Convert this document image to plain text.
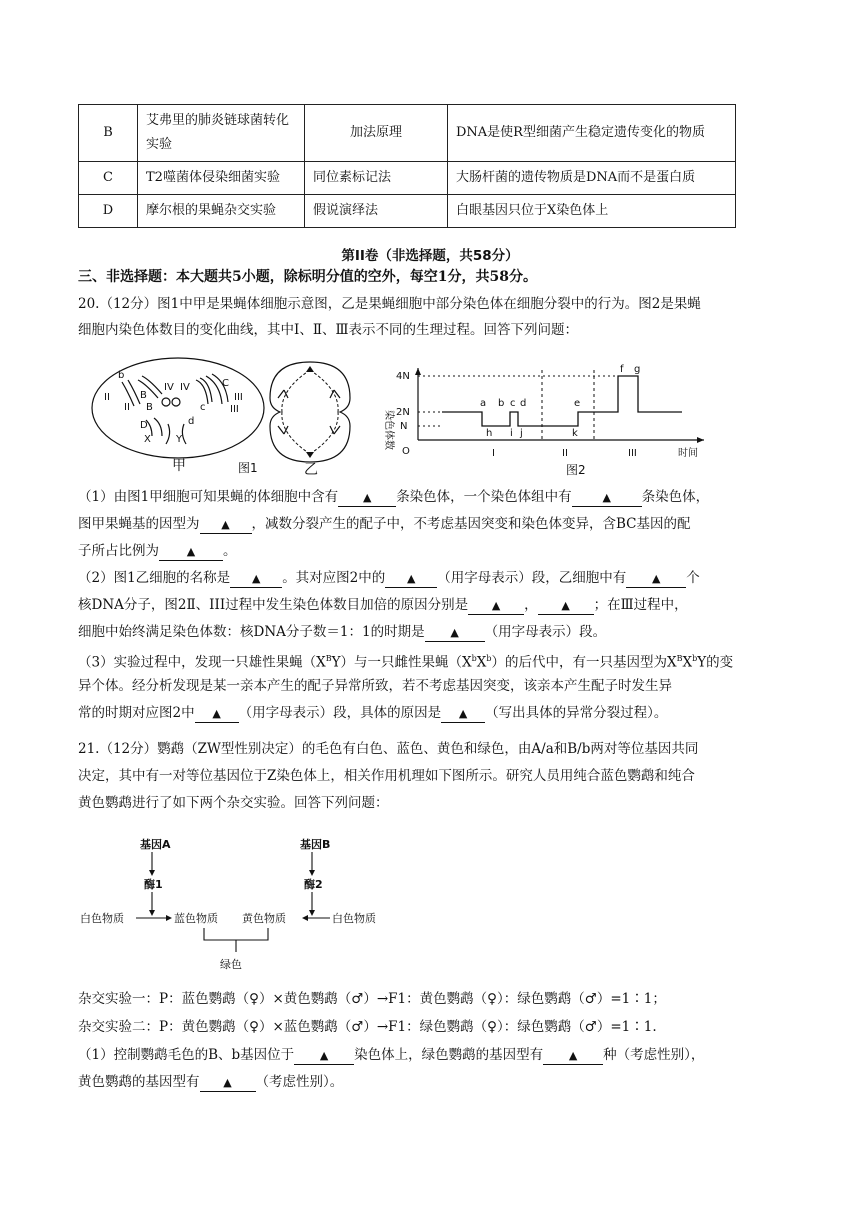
B	艾弗里的肺炎链球菌转化实验	加法原理	DNA是使R型细菌产生稳定遗传变化的物质
C	T2噬菌体侵染细菌实验	同位素标记法	大肠杆菌的遗传物质是DNA而不是蛋白质
D	摩尔根的果蝇杂交实验	假说演绎法	白眼基因只位于X染色体上
第II卷（非选择题，共58分）
三、非选择题：本大题共5小题，除标明分值的空外，每空1分，共58分。
20.（12分）图1中甲是果蝇体细胞示意图，乙是果蝇细胞中部分染色体在细胞分裂中的行为。图2是果蝇
细胞内染色体数目的变化曲线，其中Ⅰ、Ⅱ、Ⅲ表示不同的生理过程。回答下列问题：
b
II
IV IV	C
B	III
II B	c III
D	d
X	Y
甲	乙
图1
4N
2N
N
O
染色体数
a b c d	e
f g
h i j	k
I	II	III	时间
图2
（1）由图1甲细胞可知果蝇的体细胞中含有 ▲ 条染色体，一个染色体组中有	▲ 条染色体，
图甲果蝇基的因型为 ▲ ，减数分裂产生的配子中，不考虑基因突变和染色体变异，含BC基因的配
子所占比例为	▲ 。
（2）图1乙细胞的名称是 ▲ 。其对应图2中的 ▲ （用字母表示）段，乙细胞中有 ▲ 个
核DNA分子，图2Ⅱ、III过程中发生染色体数目加倍的原因分别是 ▲ ， ▲ ；在Ⅲ过程中，
细胞中始终满足染色体数：核DNA分子数＝1：1的时期是 ▲ （用字母表示）段。
（3）实验过程中，发现一只雄性果蝇$(X^BY)$与一只雌性果蝇$(X^bX^b)$的后代中，有一只基因型为$X^BX^bY$的变
异个体。经分析发现是某一亲本产生的配子异常所致，若不考虑基因突变，该亲本产生配子时发生异
常的时期对应图2中 ▲ （用字母表示）段，具体的原因是 ▲ （写出具体的异常分裂过程）。
21.（12分）鹦鹉（ZW型性别决定）的毛色有白色、蓝色、黄色和绿色，由A/a和B/b两对等位基因共同
决定，其中有一对等位基因位于Z染色体上，相关作用机理如下图所示。研究人员用纯合蓝色鹦鹉和纯合
黄色鹦鹉进行了如下两个杂交实验。回答下列问题：
基因A	基因B
酶1	酶2
白色物质	蓝色物质 黄色物质	白色物质
绿色
杂交实验一：P：蓝色鹦鹉（♀）×黄色鹦鹉（♂）→F1：黄色鹦鹉（♀）：绿色鹦鹉（♂）=1∶1；
杂交实验二：P：黄色鹦鹉（♀）×蓝色鹦鹉（♂）→F1：绿色鹦鹉（♀）：绿色鹦鹉（♂）=1∶1.
（1）控制鹦鹉毛色的B、b基因位于 ▲ 染色体上，绿色鹦鹉的基因型有 ▲ 种（考虑性别），
黄色鹦鹉的基因型有 ▲ （考虑性别）。
